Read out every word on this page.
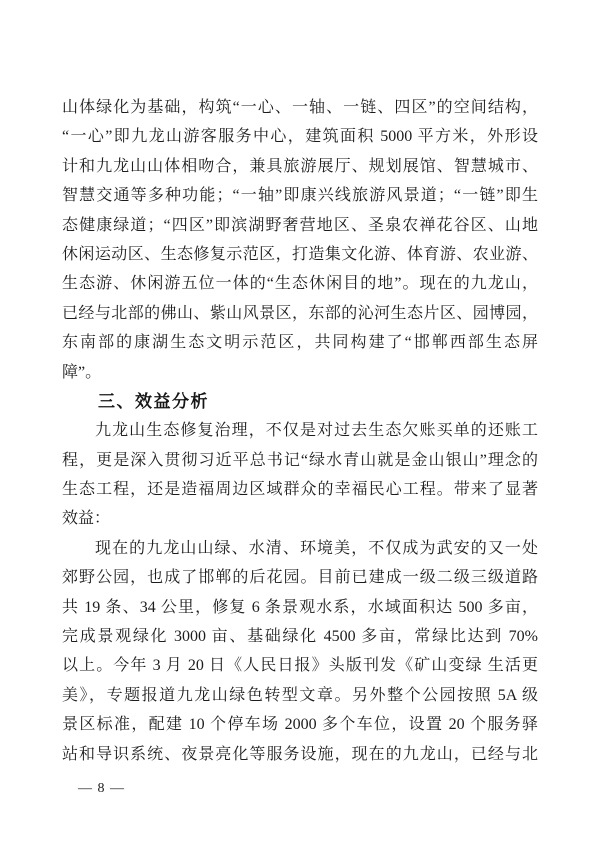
山体绿化为基础，构筑“一心、一轴、一链、四区”的空间结构，
“一心”即九龙山游客服务中心，建筑面积 5000 平方米，外形设
计和九龙山山体相吻合，兼具旅游展厅、规划展馆、智慧城市、
智慧交通等多种功能；“一轴”即康兴线旅游风景道；“一链”即生
态健康绿道；“四区”即滨湖野奢营地区、圣泉农禅花谷区、山地
休闲运动区、生态修复示范区，打造集文化游、体育游、农业游、
生态游、休闲游五位一体的“生态休闲目的地”。现在的九龙山，
已经与北部的佛山、紫山风景区，东部的沁河生态片区、园博园，
东南部的康湖生态文明示范区，共同构建了“邯郸西部生态屏
障”。
三、效益分析
九龙山生态修复治理，不仅是对过去生态欠账买单的还账工
程，更是深入贯彻习近平总书记“绿水青山就是金山银山”理念的
生态工程，还是造福周边区域群众的幸福民心工程。带来了显著
效益：
现在的九龙山山绿、水清、环境美，不仅成为武安的又一处
郊野公园，也成了邯郸的后花园。目前已建成一级二级三级道路
共 19 条、34 公里，修复 6 条景观水系，水域面积达 500 多亩，
完成景观绿化 3000 亩、基础绿化 4500 多亩，常绿比达到 70%
以上。今年 3 月 20 日《人民日报》头版刊发《矿山变绿 生活更
美》，专题报道九龙山绿色转型文章。另外整个公园按照 5A 级
景区标准，配建 10 个停车场 2000 多个车位，设置 20 个服务驿
站和导识系统、夜景亮化等服务设施，现在的九龙山，已经与北
— 8 —
